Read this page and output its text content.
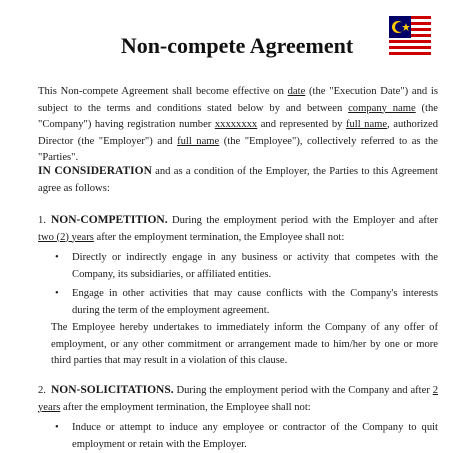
Non-compete Agreement

This Non-compete Agreement shall become effective on date (the "Execution Date") and is subject to the terms and conditions stated below by and between company name (the "Company") having registration number xxxxxxxx and represented by full name, authorized Director (the "Employer") and full name (the "Employee"), collectively referred to as the "Parties".

IN CONSIDERATION and as a condition of the Employer, the Parties to this Agreement agree as follows:

1. NON-COMPETITION. During the employment period with the Employer and after two (2) years after the employment termination, the Employee shall not:

• Directly or indirectly engage in any business or activity that competes with the Company, its subsidiaries, or affiliated entities.
• Engage in other activities that may cause conflicts with the Company's interests during the term of the employment agreement.

The Employee hereby undertakes to immediately inform the Company of any offer of employment, or any other commitment or arrangement made to him/her by one or more third parties that may result in a violation of this clause.

2. NON-SOLICITATIONS. During the employment period with the Company and after 2 years after the employment termination, the Employee shall not:

• Induce or attempt to induce any employee or contractor of the Company to quit employment or retain with the Employer.
